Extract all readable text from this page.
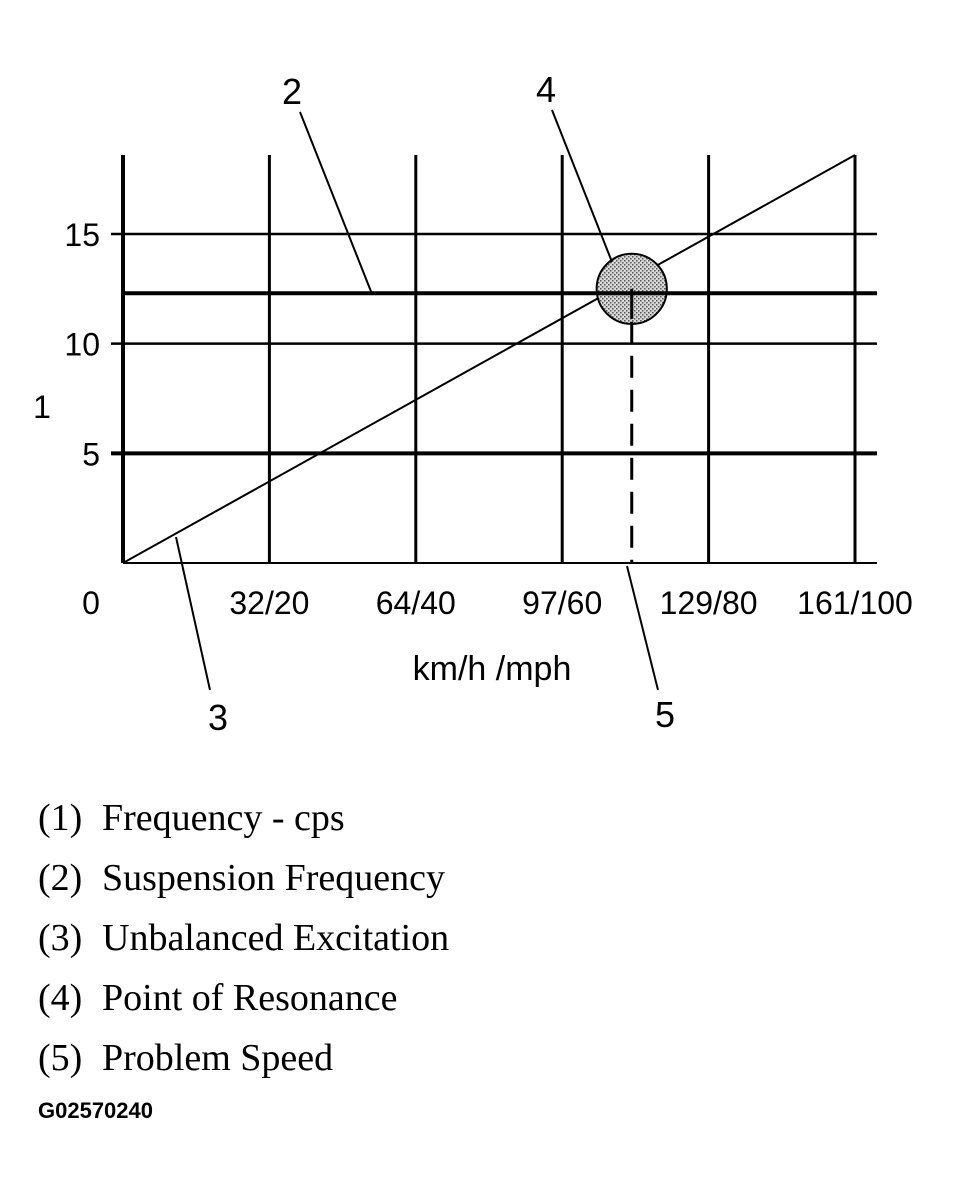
0
5
10
15
32/20 64/40 97/60 129/80 161/100
km/h /mph
1
2
3
4
5
(1) Frequency - cps
(2) Suspension Frequency
(3) Unbalanced Excitation
(4) Point of Resonance
(5) Problem Speed
G02570240
